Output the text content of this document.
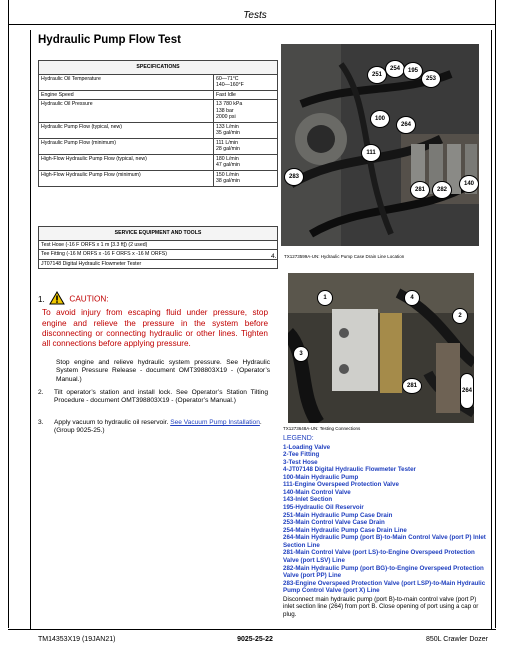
Tests
Hydraulic Pump Flow Test
SPECIFICATIONS	
Hydraulic Oil Temperature	60—71°C
140—160°F

Engine Speed	Fast Idle

Hydraulic Oil Pressure	13 780 kPa
138 bar
2000 psi

Hydraulic Pump Flow (typical, new)	133 L/min
35 gal/min

Hydraulic Pump Flow (minimum)	111 L/min
28 gal/min

High-Flow Hydraulic Pump Flow (typical, new)	180 L/min
47 gal/min

High-Flow Hydraulic Pump Flow (minimum)	150 L/min
38 gal/min
SERVICE EQUIPMENT AND TOOLS
Test Hose (-16 F ORFS x 1 m [3.3 ft]) (2 used)
Tee Fitting (-16 M ORFS x -16 F ORFS x -16 M ORFS)
JT07148 Digital Hydraulic Flowmeter Tester
1.	CAUTION:
To avoid injury from escaping fluid under pressure, stop engine and relieve the pressure in the system before disconnecting or connecting hydraulic or other lines. Tighten all connections before applying pressure.
Stop engine and relieve hydraulic system pressure. See Hydraulic System Pressure Release - document OMT398803X19 - (Operator’s Manual.)
2. Tilt operator’s station and install lock. See Operator’s Station Tilting Procedure - document OMT398803X19 - (Operator’s Manual.)
3. Apply vacuum to hydraulic oil reservoir. See Vacuum Pump Installation. (Group 9025-25.)
251
254	195
253
100
264
111
283
281	282
140
TX1273599A-UN: Hydraulic Pump Case Drain Line Location
4.
1	4
2
3
281
264
TX1273648A-UN: Testing Connections
LEGEND:
1-Loading Valve
2-Tee Fitting
3-Test Hose
4-JT07148 Digital Hydraulic Flowmeter Tester
100-Main Hydraulic Pump
111-Engine Overspeed Protection Valve
140-Main Control Valve
143-Inlet Section
195-Hydraulic Oil Reservoir
251-Main Hydraulic Pump Case Drain
253-Main Control Valve Case Drain
254-Main Hydraulic Pump Case Drain Line
264-Main Hydraulic Pump (port B)-to-Main Control Valve (port P) Inlet Section Line
281-Main Control Valve (port LS)-to-Engine Overspeed Protection Valve (port LSV) Line
282-Main Hydraulic Pump (port BG)-to-Engine Overspeed Protection Valve (port PP) Line
283-Engine Overspeed Protection Valve (port LSP)-to-Main Hydraulic Pump Control Valve (port X) Line
Disconnect main hydraulic pump (port B)-to-main control valve (port P) inlet section line (264) from port B. Close opening of port using a cap or plug.
TM14353X19 (19JAN21)	9025-25-22	850L Crawler Dozer
